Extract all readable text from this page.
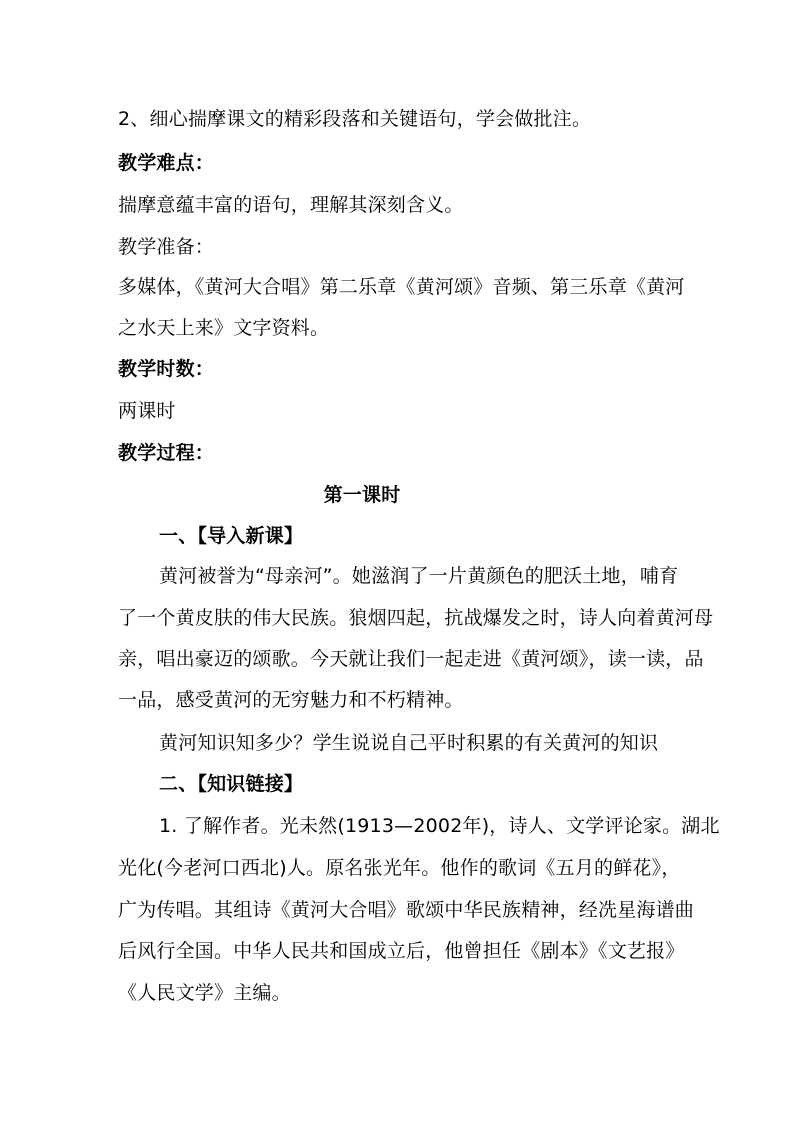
2、细心揣摩课文的精彩段落和关键语句，学会做批注。
教学难点：
揣摩意蕴丰富的语句，理解其深刻含义。
教学准备：
多媒体，《黄河大合唱》第二乐章《黄河颂》音频、第三乐章《黄河
之水天上来》文字资料。
教学时数：
两课时
教学过程：
第一课时
一、【导入新课】
黄河被誉为“母亲河”。她滋润了一片黄颜色的肥沃土地，哺育
了一个黄皮肤的伟大民族。狼烟四起，抗战爆发之时，诗人向着黄河母
亲，唱出豪迈的颂歌。今天就让我们一起走进《黄河颂》，读一读，品
一品，感受黄河的无穷魅力和不朽精神。
黄河知识知多少？学生说说自己平时积累的有关黄河的知识
二、【知识链接】
1. 了解作者。光未然(1913—2002年)，诗人、文学评论家。湖北
光化(今老河口西北)人。原名张光年。他作的歌词《五月的鲜花》，
广为传唱。其组诗《黄河大合唱》歌颂中华民族精神，经冼星海谱曲
后风行全国。中华人民共和国成立后，他曾担任《剧本》《文艺报》
《人民文学》主编。
